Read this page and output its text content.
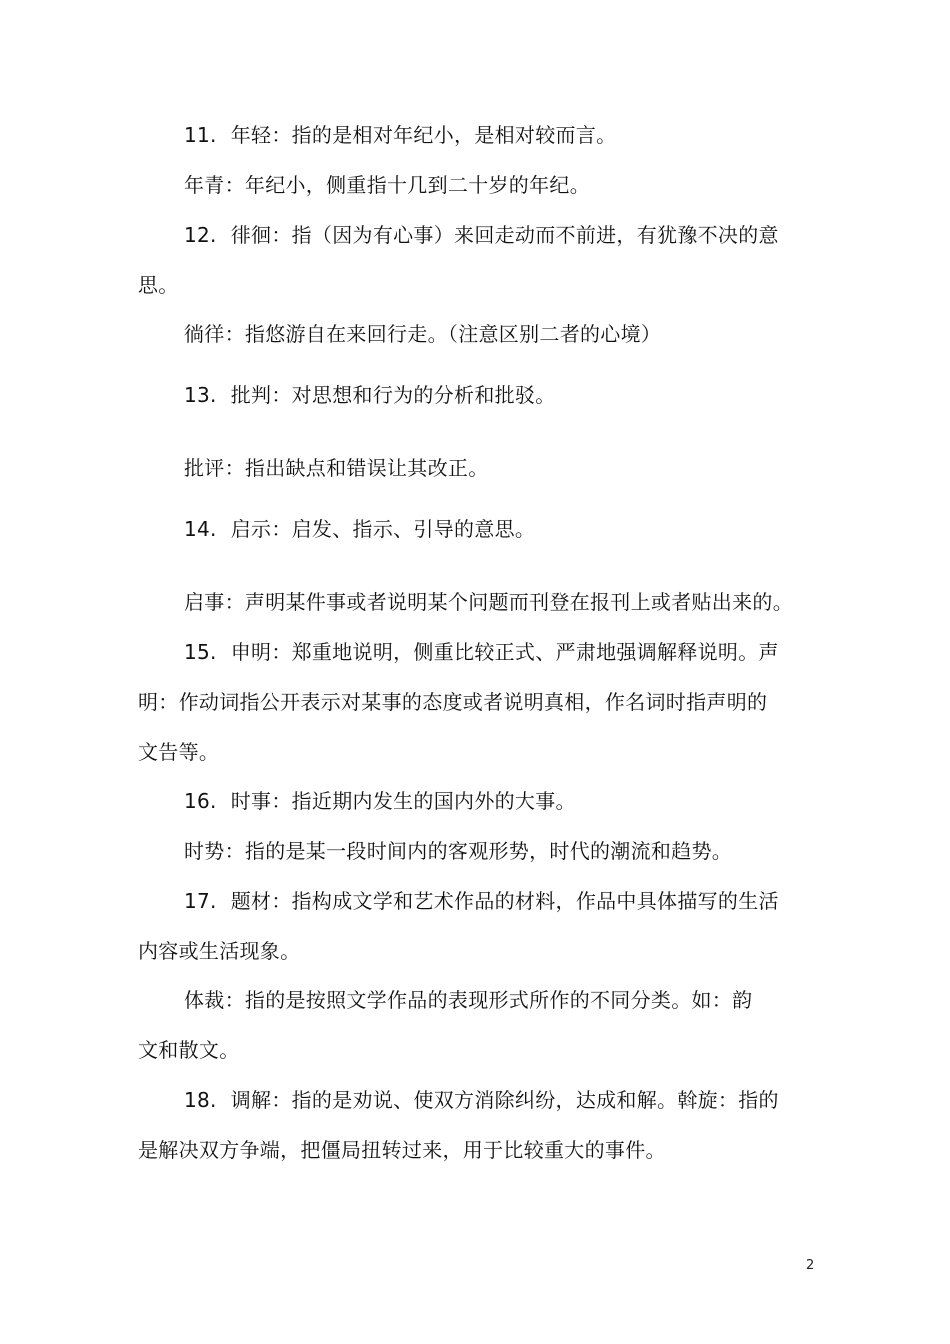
11. 年轻：指的是相对年纪小，是相对较而言。
年青：年纪小，侧重指十几到二十岁的年纪。
12. 徘徊：指（因为有心事）来回走动而不前进，有犹豫不决的意
思。
徜徉：指悠游自在来回行走。（注意区别二者的心境）
13. 批判：对思想和行为的分析和批驳。
批评：指出缺点和错误让其改正。
14. 启示：启发、指示、引导的意思。
启事：声明某件事或者说明某个问题而刊登在报刊上或者贴出来的。
15. 申明：郑重地说明，侧重比较正式、严肃地强调解释说明。声
明：作动词指公开表示对某事的态度或者说明真相，作名词时指声明的
文告等。
16. 时事：指近期内发生的国内外的大事。
时势：指的是某一段时间内的客观形势，时代的潮流和趋势。
17. 题材：指构成文学和艺术作品的材料，作品中具体描写的生活
内容或生活现象。
体裁：指的是按照文学作品的表现形式所作的不同分类。如：韵
文和散文。
18. 调解：指的是劝说、使双方消除纠纷，达成和解。斡旋：指的
是解决双方争端，把僵局扭转过来，用于比较重大的事件。
2
